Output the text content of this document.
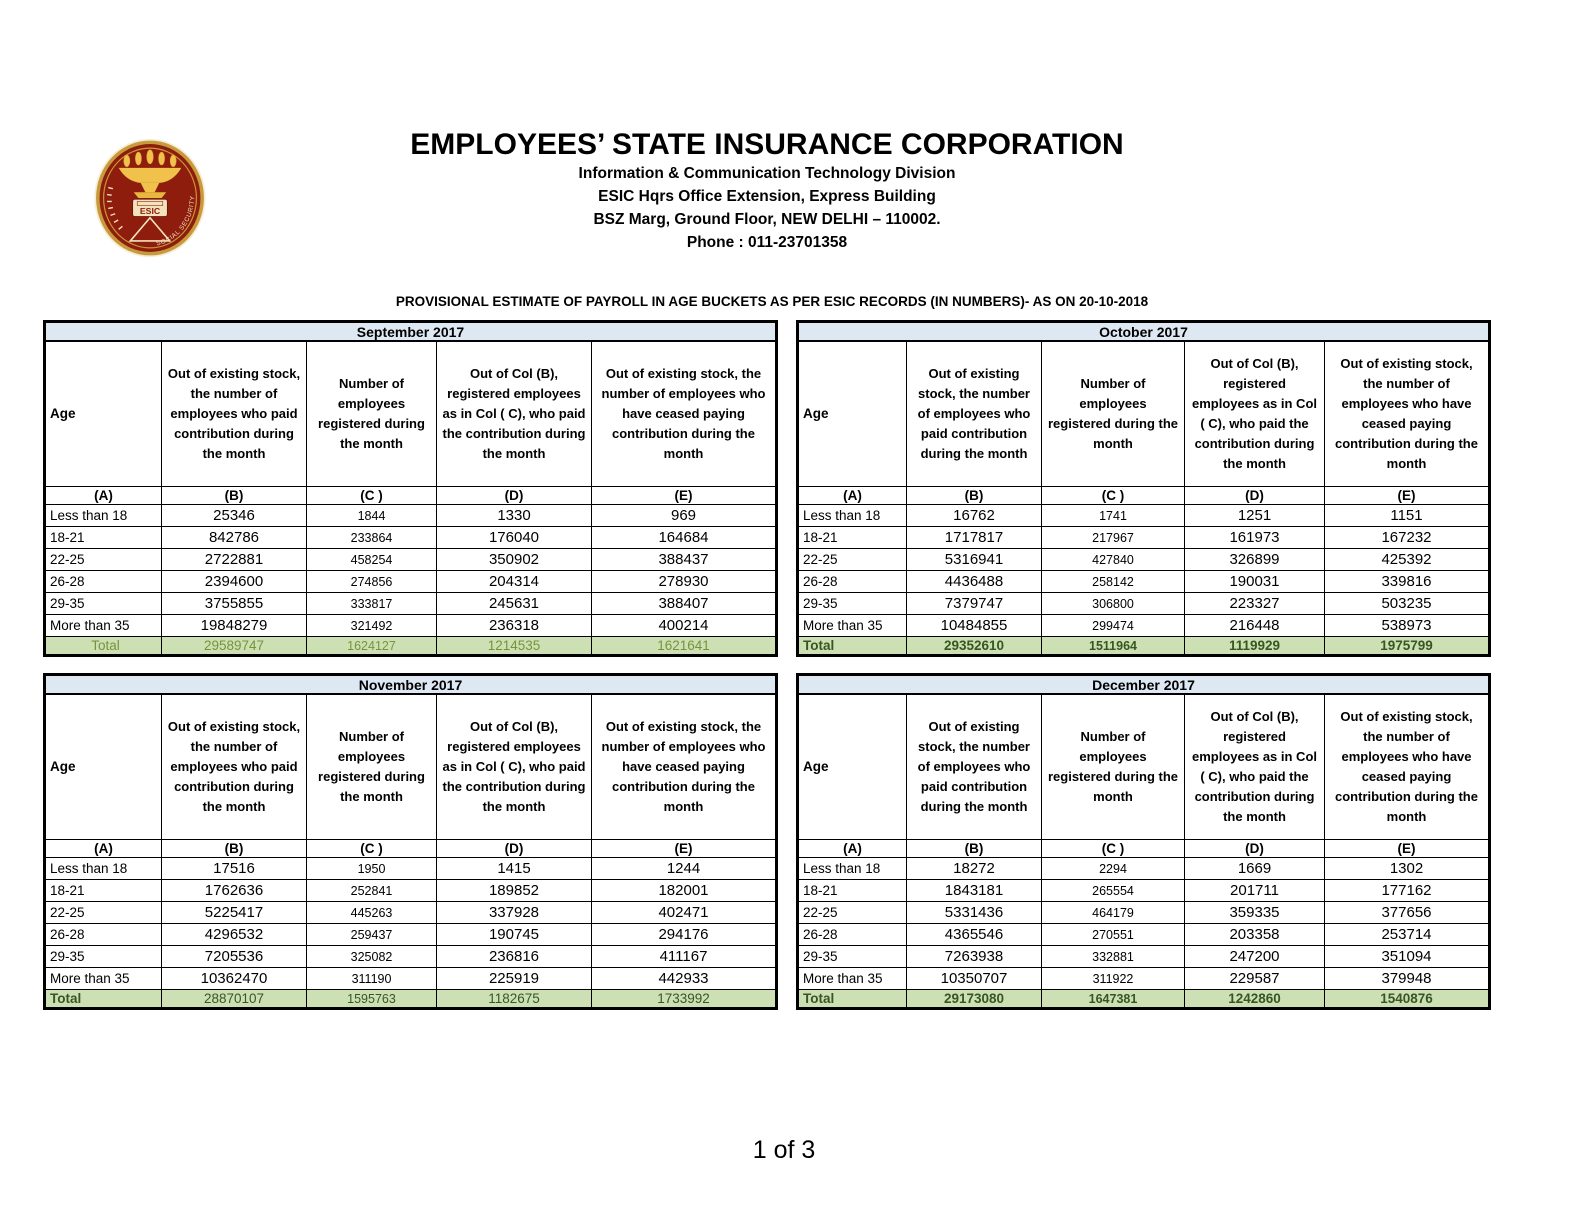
ESIC
SOCIAL SECURITY
EMPLOYEES’ STATE INSURANCE CORPORATION
Information & Communication Technology Division
ESIC Hqrs Office Extension, Express Building
BSZ Marg, Ground Floor, NEW DELHI – 110002.
Phone : 011-23701358
PROVISIONAL ESTIMATE OF PAYROLL IN AGE BUCKETS AS PER ESIC RECORDS (IN NUMBERS)- AS ON 20-10-2018
September 2017				
Age	Out of existing stock, the number of employees who paid contribution during the month	Number of employees registered during the month	Out of Col (B), registered employees as in Col ( C), who paid the contribution during the month	Out of existing stock, the number of employees who have ceased paying contribution during the month
(A)	(B)	(C )	(D)	(E)
Less than 18	25346	1844	1330	969
18-21	842786	233864	176040	164684
22-25	2722881	458254	350902	388437
26-28	2394600	274856	204314	278930
29-35	3755855	333817	245631	388407
More than 35	19848279	321492	236318	400214
Total	29589747	1624127	1214535	1621641
October 2017				
Age	Out of existing stock, the number of employees who paid contribution during the month	Number of employees registered during the month	Out of Col (B), registered employees as in Col ( C), who paid the contribution during the month	Out of existing stock, the number of employees who have ceased paying contribution during the month
(A)	(B)	(C )	(D)	(E)
Less than 18	16762	1741	1251	1151
18-21	1717817	217967	161973	167232
22-25	5316941	427840	326899	425392
26-28	4436488	258142	190031	339816
29-35	7379747	306800	223327	503235
More than 35	10484855	299474	216448	538973
Total	29352610	1511964	1119929	1975799
November 2017				
Age	Out of existing stock, the number of employees who paid contribution during the month	Number of employees registered during the month	Out of Col (B), registered employees as in Col ( C), who paid the contribution during the month	Out of existing stock, the number of employees who have ceased paying contribution during the month
(A)	(B)	(C )	(D)	(E)
Less than 18	17516	1950	1415	1244
18-21	1762636	252841	189852	182001
22-25	5225417	445263	337928	402471
26-28	4296532	259437	190745	294176
29-35	7205536	325082	236816	411167
More than 35	10362470	311190	225919	442933
Total	28870107	1595763	1182675	1733992
December 2017				
Age	Out of existing stock, the number of employees who paid contribution during the month	Number of employees registered during the month	Out of Col (B), registered employees as in Col ( C), who paid the contribution during the month	Out of existing stock, the number of employees who have ceased paying contribution during the month
(A)	(B)	(C )	(D)	(E)
Less than 18	18272	2294	1669	1302
18-21	1843181	265554	201711	177162
22-25	5331436	464179	359335	377656
26-28	4365546	270551	203358	253714
29-35	7263938	332881	247200	351094
More than 35	10350707	311922	229587	379948
Total	29173080	1647381	1242860	1540876
1 of 3
